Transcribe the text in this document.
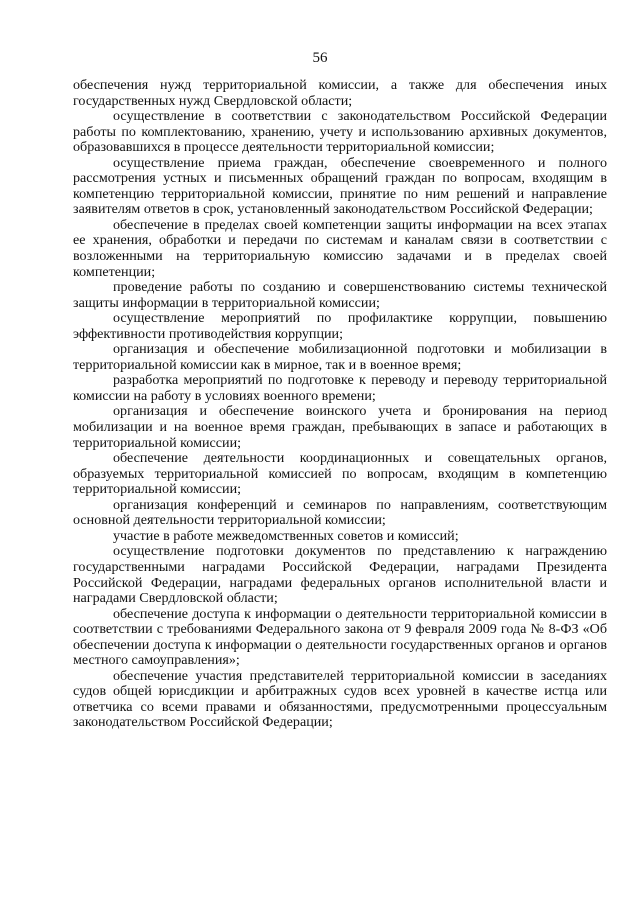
56

обеспечения нужд территориальной комиссии, а также для обеспечения иных государственных нужд Свердловской области;

осуществление в соответствии с законодательством Российской Федерации работы по комплектованию, хранению, учету и использованию архивных документов, образовавшихся в процессе деятельности территориальной комиссии;

осуществление приема граждан, обеспечение своевременного и полного рассмотрения устных и письменных обращений граждан по вопросам, входящим в компетенцию территориальной комиссии, принятие по ним решений и направление заявителям ответов в срок, установленный законодательством Российской Федерации;

обеспечение в пределах своей компетенции защиты информации на всех этапах ее хранения, обработки и передачи по системам и каналам связи в соответствии с возложенными на территориальную комиссию задачами и в пределах своей компетенции;

проведение работы по созданию и совершенствованию системы технической защиты информации в территориальной комиссии;

осуществление мероприятий по профилактике коррупции, повышению эффективности противодействия коррупции;

организация и обеспечение мобилизационной подготовки и мобилизации в территориальной комиссии как в мирное, так и в военное время;

разработка мероприятий по подготовке к переводу и переводу территориальной комиссии на работу в условиях военного времени;

организация и обеспечение воинского учета и бронирования на период мобилизации и на военное время граждан, пребывающих в запасе и работающих в территориальной комиссии;

обеспечение деятельности координационных и совещательных органов, образуемых территориальной комиссией по вопросам, входящим в компетенцию территориальной комиссии;

организация конференций и семинаров по направлениям, соответствующим основной деятельности территориальной комиссии;

участие в работе межведомственных советов и комиссий;

осуществление подготовки документов по представлению к награждению государственными наградами Российской Федерации, наградами Президента Российской Федерации, наградами федеральных органов исполнительной власти и наградами Свердловской области;

обеспечение доступа к информации о деятельности территориальной комиссии в соответствии с требованиями Федерального закона от 9 февраля 2009 года № 8-ФЗ «Об обеспечении доступа к информации о деятельности государственных органов и органов местного самоуправления»;

обеспечение участия представителей территориальной комиссии в заседаниях судов общей юрисдикции и арбитражных судов всех уровней в качестве истца или ответчика со всеми правами и обязанностями, предусмотренными процессуальным законодательством Российской Федерации;
